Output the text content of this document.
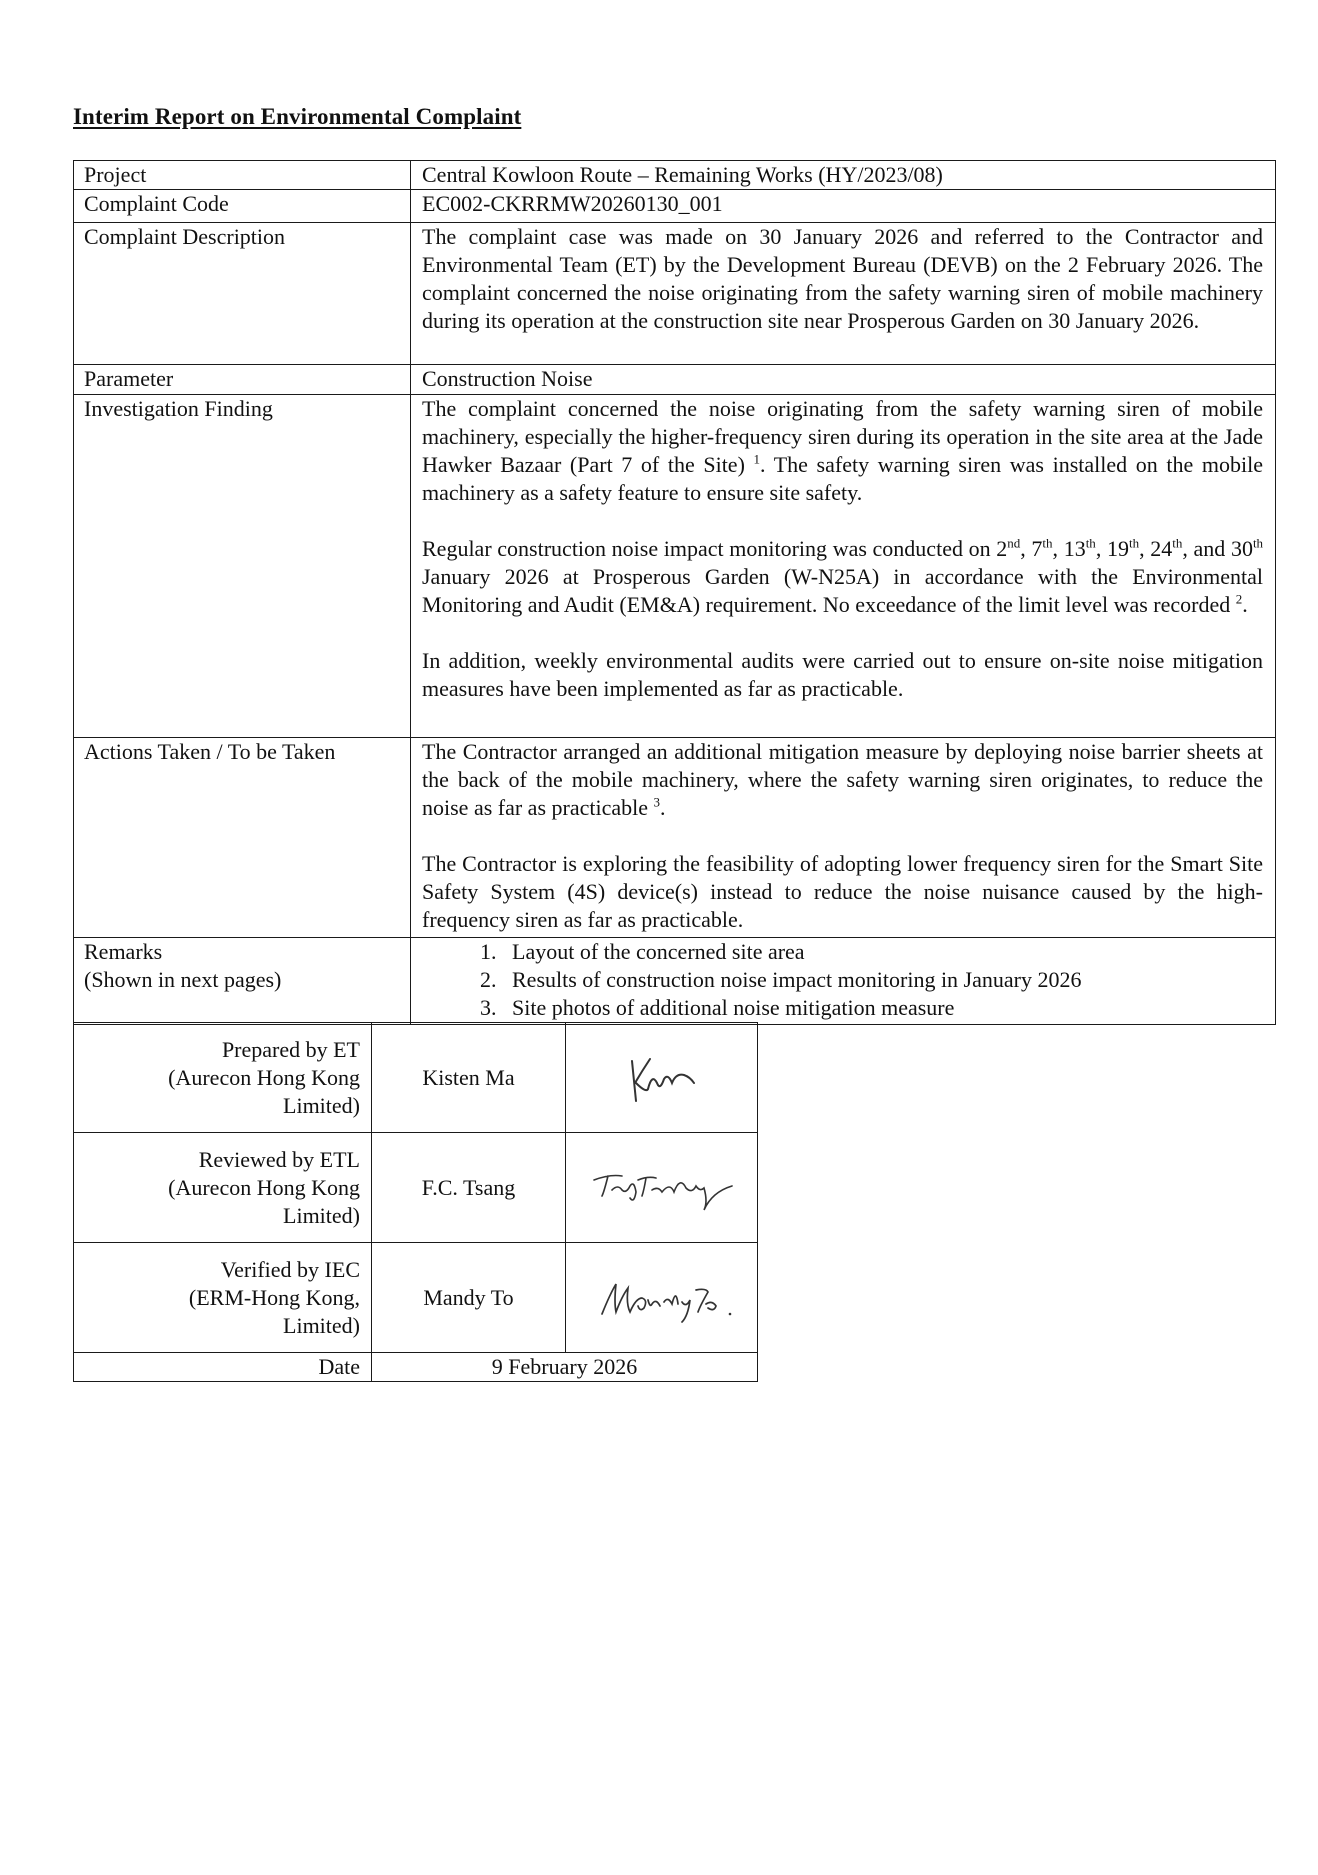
Interim Report on Environmental Complaint
Project	Central Kowloon Route – Remaining Works (HY/2023/08)
Complaint Code	EC002-CKRRMW20260130_001
Complaint Description	The complaint case was made on 30 January 2026 and referred to the Contractor and Environmental Team (ET) by the Development Bureau (DEVB) on the 2 February 2026. The complaint concerned the noise originating from the safety warning siren of mobile machinery during its operation at the construction site near Prosperous Garden on 30 January 2026.
Parameter	Construction Noise
Investigation Finding	The complaint concerned the noise originating from the safety warning siren of mobile machinery, especially the higher-frequency siren during its operation in the site area at the Jade Hawker Bazaar (Part 7 of the Site) $^1$. The safety warning siren was installed on the mobile machinery as a safety feature to ensure site safety.

Regular construction noise impact monitoring was conducted on 2nd, 7th, 13th, 19th, 24th, and 30th January 2026 at Prosperous Garden (W-N25A) in accordance with the Environmental Monitoring and Audit (EM&A) requirement. No exceedance of the limit level was recorded $^2$.

In addition, weekly environmental audits were carried out to ensure on-site noise mitigation measures have been implemented as far as practicable.

Actions Taken / To be Taken	The Contractor arranged an additional mitigation measure by deploying noise barrier sheets at the back of the mobile machinery, where the safety warning siren originates, to reduce the noise as far as practicable $^3$.

The Contractor is exploring the feasibility of adopting lower frequency siren for the Smart Site Safety System (4S) device(s) instead to reduce the noise nuisance caused by the high-frequency siren as far as practicable.

Remarks
(Shown in next pages)

1. Layout of the concerned site area
2. Results of construction noise impact monitoring in January 2026
3. Site photos of additional noise mitigation measure
Prepared by ET
(Aurecon Hong Kong
Limited)	Kisten Ma	

Reviewed by ETL
(Aurecon Hong Kong
Limited)	F.C. Tsang	

Verified by IEC
(ERM-Hong Kong,
Limited)	Mandy To	

Date	9 February 2026	
